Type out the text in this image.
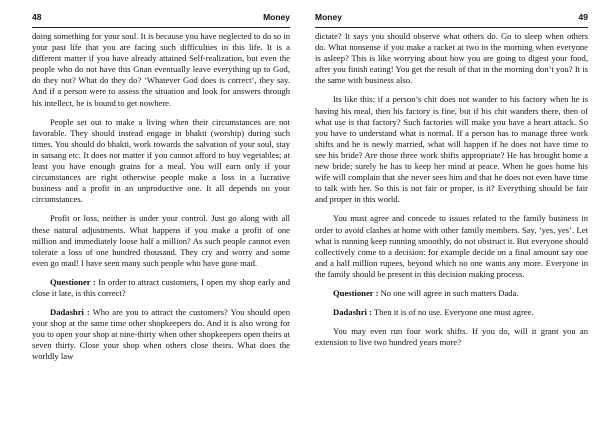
48	Money

doing something for your soul. It is because you have neglected to do so in your past life that you are facing such difficulties in this life. It is a different matter if you have already attained Self-realization, but even the people who do not have this Gnan eventually leave everything up to God, do they not? What do they do? ‘Whatever God does is correct’, they say. And if a person were to assess the situation and look for answers through his intellect, he is bound to get nowhere.

People set out to make a living when their circumstances are not favorable. They should instead engage in bhakti (worship) during such times. You should do bhakti, work towards the salvation of your soul, stay in satsang etc. It does not matter if you cannot afford to buy vegetables; at least you have enough grains for a meal. You will earn only if your circumstances are right otherwise people make a loss in a lucrative business and a profit in an unproductive one. It all depends on your circumstances.

Profit or loss, neither is under your control. Just go along with all these natural adjustments. What happens if you make a profit of one million and immediately loose half a million? As such people cannot even tolerate a loss of one hundred thousand. They cry and worry and some even go mad! I have seen many such people who have gone mad.

Questioner : In order to attract customers, I open my shop early and close it late, is this correct?

Dadashri : Who are you to attract the customers? You should open your shop at the same time other shopkeepers do. And it is also wrong for you to open your shop at nine-thirty when other shopkeepers open theirs at seven thirty. Close your shop when others close theirs. What does the worldly law

Money	49

dictate? It says you should observe what others do. Go to sleep when others do. What nonsense if you make a racket at two in the morning when everyone is asleep? This is like worrying about how you are going to digest your food, after you finish eating! You get the result of that in the morning don’t you? It is the same with business also.

Its like this: if a person’s chit does not wander to his factory when he is having his meal, then his factory is fine, but if his chit wanders there, then of what use is that factory? Such factories will make you have a heart attack. So you have to understand what is normal. If a person has to manage three work shifts and he is newly married, what will happen if he does not have time to see his bride? Are those three work shifts appropriate? He has brought home a new bride; surely he has to keep her mind at peace. When he goes home his wife will complain that she never sees him and that he does not even have time to talk with her. So this is not fair or proper, is it? Everything should be fair and proper in this world.

You must agree and concede to issues related to the family business in order to avoid clashes at home with other family members. Say, ‘yes, yes’. Let what is running keep running smoothly, do not obstruct it. But everyone should collectively come to a decision: for example decide on a final amount say one and a half million rupees, beyond which no one wants any more. Everyone in the family should be present in this decision making process.

Questioner : No one will agree in such matters Dada.

Dadashri : Then it is of no use. Everyone one must agree.

You may even run four work shifts. If you do, will it grant you an extension to live two hundred years more?
